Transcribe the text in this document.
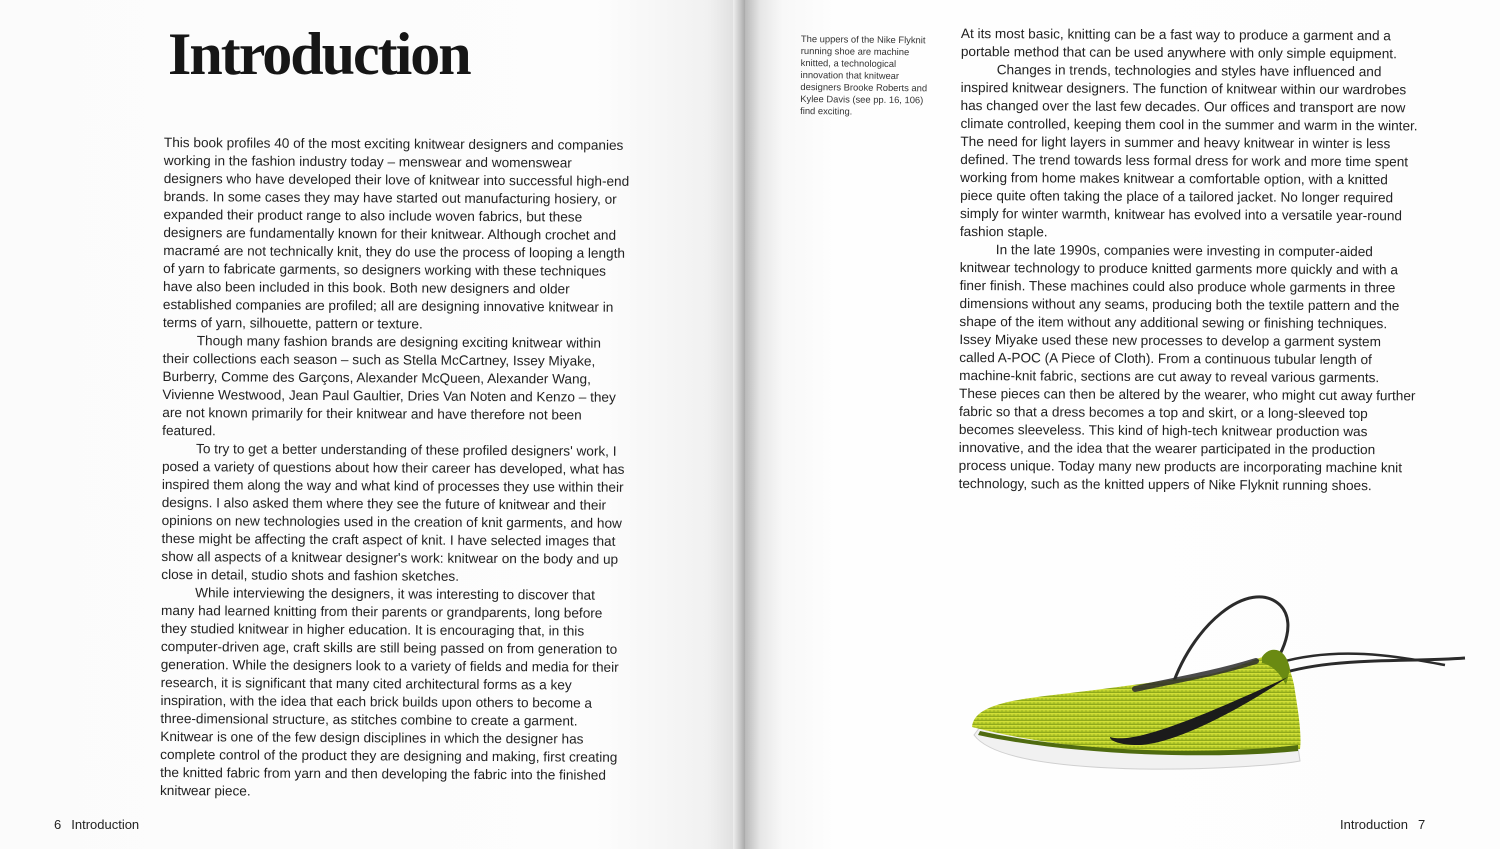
Introduction

This book profiles 40 of the most exciting knitwear designers and companies working in the fashion industry today – menswear and womenswear designers who have developed their love of knitwear into successful high-end brands. In some cases they may have started out manufacturing hosiery, or expanded their product range to also include woven fabrics, but these designers are fundamentally known for their knitwear. Although crochet and macramé are not technically knit, they do use the process of looping a length of yarn to fabricate garments, so designers working with these techniques have also been included in this book. Both new designers and older established companies are profiled; all are designing innovative knitwear in terms of yarn, silhouette, pattern or texture.

Though many fashion brands are designing exciting knitwear within their collections each season – such as Stella McCartney, Issey Miyake, Burberry, Comme des Garçons, Alexander McQueen, Alexander Wang, Vivienne Westwood, Jean Paul Gaultier, Dries Van Noten and Kenzo – they are not known primarily for their knitwear and have therefore not been featured.

To try to get a better understanding of these profiled designers' work, I posed a variety of questions about how their career has developed, what has inspired them along the way and what kind of processes they use within their designs. I also asked them where they see the future of knitwear and their opinions on new technologies used in the creation of knit garments, and how these might be affecting the craft aspect of knit. I have selected images that show all aspects of a knitwear designer's work: knitwear on the body and up close in detail, studio shots and fashion sketches.

While interviewing the designers, it was interesting to discover that many had learned knitting from their parents or grandparents, long before they studied knitwear in higher education. It is encouraging that, in this computer-driven age, craft skills are still being passed on from generation to generation. While the designers look to a variety of fields and media for their research, it is significant that many cited architectural forms as a key inspiration, with the idea that each brick builds upon others to become a three-dimensional structure, as stitches combine to create a garment. Knitwear is one of the few design disciplines in which the designer has complete control of the product they are designing and making, first creating the knitted fabric from yarn and then developing the fabric into the finished knitwear piece.

6 Introduction
The uppers of the Nike Flyknit running shoe are machine knitted, a technological innovation that knitwear designers Brooke Roberts and Kylee Davis (see pp. 16, 106) find exciting.

At its most basic, knitting can be a fast way to produce a garment and a portable method that can be used anywhere with only simple equipment.

Changes in trends, technologies and styles have influenced and inspired knitwear designers. The function of knitwear within our wardrobes has changed over the last few decades. Our offices and transport are now climate controlled, keeping them cool in the summer and warm in the winter. The need for light layers in summer and heavy knitwear in winter is less defined. The trend towards less formal dress for work and more time spent working from home makes knitwear a comfortable option, with a knitted piece quite often taking the place of a tailored jacket. No longer required simply for winter warmth, knitwear has evolved into a versatile year-round fashion staple.

In the late 1990s, companies were investing in computer-aided knitwear technology to produce knitted garments more quickly and with a finer finish. These machines could also produce whole garments in three dimensions without any seams, producing both the textile pattern and the shape of the item without any additional sewing or finishing techniques. Issey Miyake used these new processes to develop a garment system called A-POC (A Piece of Cloth). From a continuous tubular length of machine-knit fabric, sections are cut away to reveal various garments. These pieces can then be altered by the wearer, who might cut away further fabric so that a dress becomes a top and skirt, or a long-sleeved top becomes sleeveless. This kind of high-tech knitwear production was innovative, and the idea that the wearer participated in the production process unique. Today many new products are incorporating machine knit technology, such as the knitted uppers of Nike Flyknit running shoes.

Introduction 7
